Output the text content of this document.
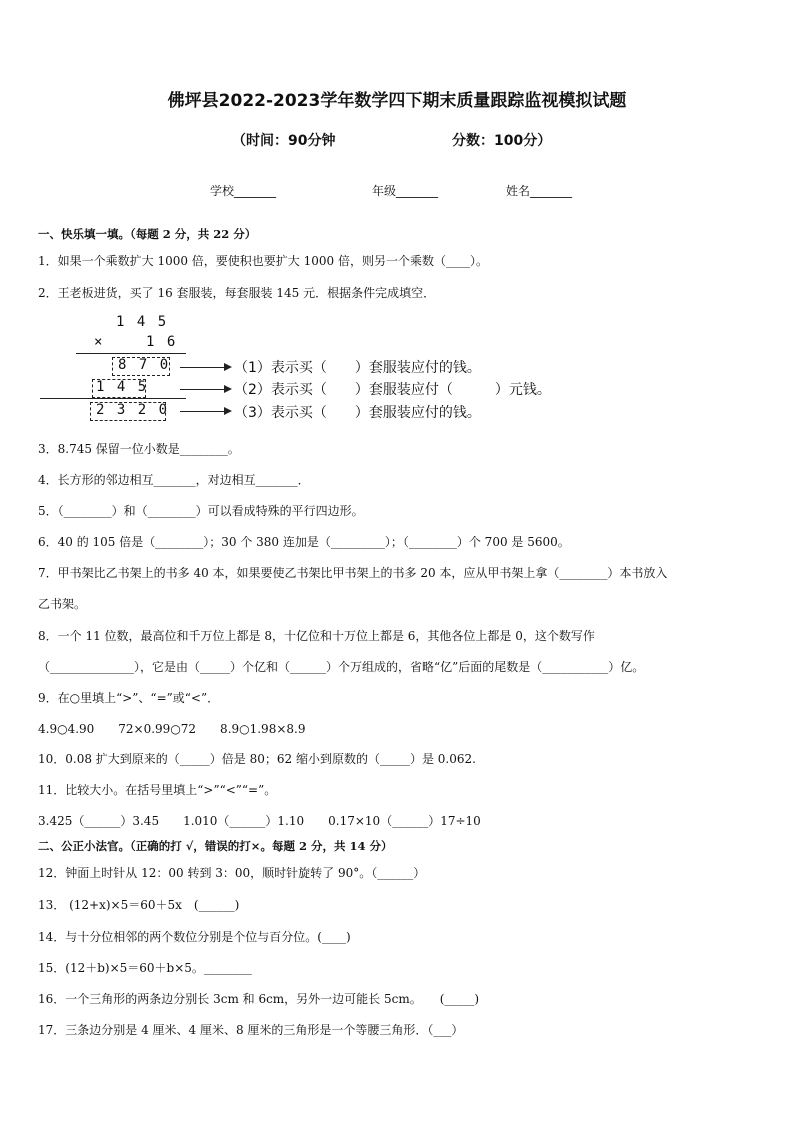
佛坪县2022-2023学年数学四下期末质量跟踪监视模拟试题
（时间：90分钟	分数：100分）
学校_______	年级_______	姓名_______
一、快乐填一填。（每题 2 分，共 22 分）
1．如果一个乘数扩大 1000 倍，要使积也要扩大 1000 倍，则另一个乘数（____）。
2．王老板进货，买了 16 套服装，每套服装 145 元．根据条件完成填空．
1 4 5
×	1 6
8 7 0	（1）表示买（　　）套服装应付的钱。
1 4 5	（2）表示买（　　）套服装应付（　　　）元钱。
2 3 2 0	（3）表示买（　　）套服装应付的钱。
3．8.745 保留一位小数是________。
4．长方形的邻边相互_______，对边相互_______．
5．（________）和（________）可以看成特殊的平行四边形。
6．40 的 105 倍是（________）；30 个 380 连加是（_________）；（________）个 700 是 5600。
7．甲书架比乙书架上的书多 40 本，如果要使乙书架比甲书架上的书多 20 本，应从甲书架上拿（________）本书放入
乙书架。
8．一个 11 位数，最高位和千万位上都是 8，十亿位和十万位上都是 6，其他各位上都是 0，这个数写作
（______________），它是由（_____）个亿和（______）个万组成的，省略“亿”后面的尾数是（___________）亿。
9．在○里填上“>”、“=”或“<”．
4.9○4.90　　72×0.99○72　　8.9○1.98×8.9
10．0.08 扩大到原来的（_____）倍是 80；62 缩小到原数的（_____）是 0.062.
11．比较大小。在括号里填上“>”“<”“=”。
3.425（______）3.45　　1.010（______）1.10　　0.17×10（______）17÷10
二、公正小法官。（正确的打 √，错误的打×。每题 2 分，共 14 分）
12．钟面上时针从 12：00 转到 3：00，顺时针旋转了 90°。（______）
13． (12+x)×5＝60＋5x　(______)
14．与十分位相邻的两个数位分别是个位与百分位。(____)
15．(12＋b)×5＝60＋b×5。________
16．一个三角形的两条边分别长 3cm 和 6cm，另外一边可能长 5cm。　　(_____)
17．三条边分别是 4 厘米、4 厘米、8 厘米的三角形是一个等腰三角形．（___）
